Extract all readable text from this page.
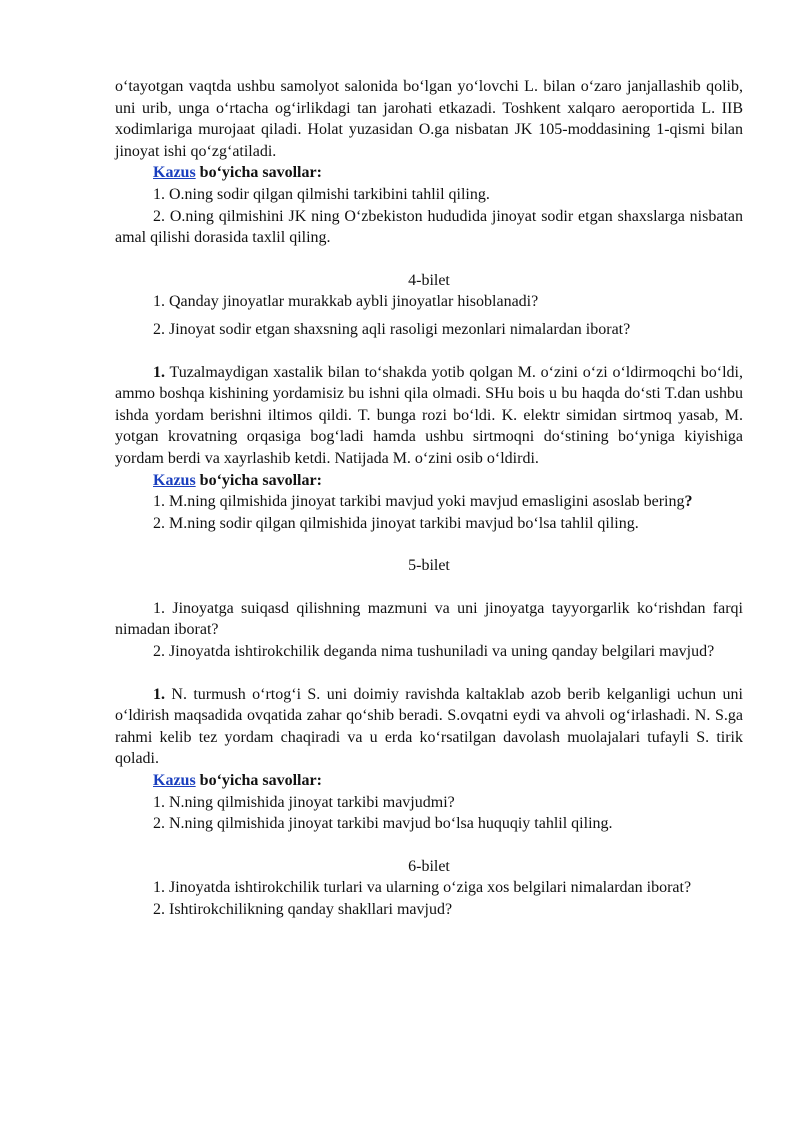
o‘tayotgan vaqtda ushbu samolyot salonida bo‘lgan yo‘lovchi L. bilan o‘zaro janjallashib qolib, uni urib, unga o‘rtacha og‘irlikdagi tan jarohati etkazadi. Toshkent xalqaro aeroportida L. IIB xodimlariga murojaat qiladi. Holat yuzasidan O.ga nisbatan JK 105-moddasining 1-qismi bilan jinoyat ishi qo‘zg‘atiladi.

Kazus bo‘yicha savollar:

1. O.ning sodir qilgan qilmishi tarkibini tahlil qiling.

2. O.ning qilmishini JK ning O‘zbekiston hududida jinoyat sodir etgan shaxslarga nisbatan amal qilishi dorasida taxlil qiling.

4-bilet

1. Qanday jinoyatlar murakkab aybli jinoyatlar hisoblanadi?

2. Jinoyat sodir etgan shaxsning aqli rasoligi mezonlari nimalardan iborat?

1. Tuzalmaydigan xastalik bilan to‘shakda yotib qolgan M. o‘zini o‘zi o‘ldirmoqchi bo‘ldi, ammo boshqa kishining yordamisiz bu ishni qila olmadi. SHu bois u bu haqda do‘sti T.dan ushbu ishda yordam berishni iltimos qildi. T. bunga rozi bo‘ldi. K. elektr simidan sirtmoq yasab, M. yotgan krovatning orqasiga bog‘ladi hamda ushbu sirtmoqni do‘stining bo‘yniga kiyishiga yordam berdi va xayrlashib ketdi. Natijada M. o‘zini osib o‘ldirdi.

Kazus bo‘yicha savollar:

1. M.ning qilmishida jinoyat tarkibi mavjud yoki mavjud emasligini asoslab bering?

2. M.ning sodir qilgan qilmishida jinoyat tarkibi mavjud bo‘lsa tahlil qiling.

5-bilet

1. Jinoyatga suiqasd qilishning mazmuni va uni jinoyatga tayyorgarlik ko‘rishdan farqi nimadan iborat?

2. Jinoyatda ishtirokchilik deganda nima tushuniladi va uning qanday belgilari mavjud?

1. N. turmush o‘rtog‘i S. uni doimiy ravishda kaltaklab azob berib kelganligi uchun uni o‘ldirish maqsadida ovqatida zahar qo‘shib beradi. S.ovqatni eydi va ahvoli og‘irlashadi. N. S.ga rahmi kelib tez yordam chaqiradi va u erda ko‘rsatilgan davolash muolajalari tufayli S. tirik qoladi.

Kazus bo‘yicha savollar:

1. N.ning qilmishida jinoyat tarkibi mavjudmi?

2. N.ning qilmishida jinoyat tarkibi mavjud bo‘lsa huquqiy tahlil qiling.

6-bilet

1. Jinoyatda ishtirokchilik turlari va ularning o‘ziga xos belgilari nimalardan iborat?

2. Ishtirokchilikning qanday shakllari mavjud?
